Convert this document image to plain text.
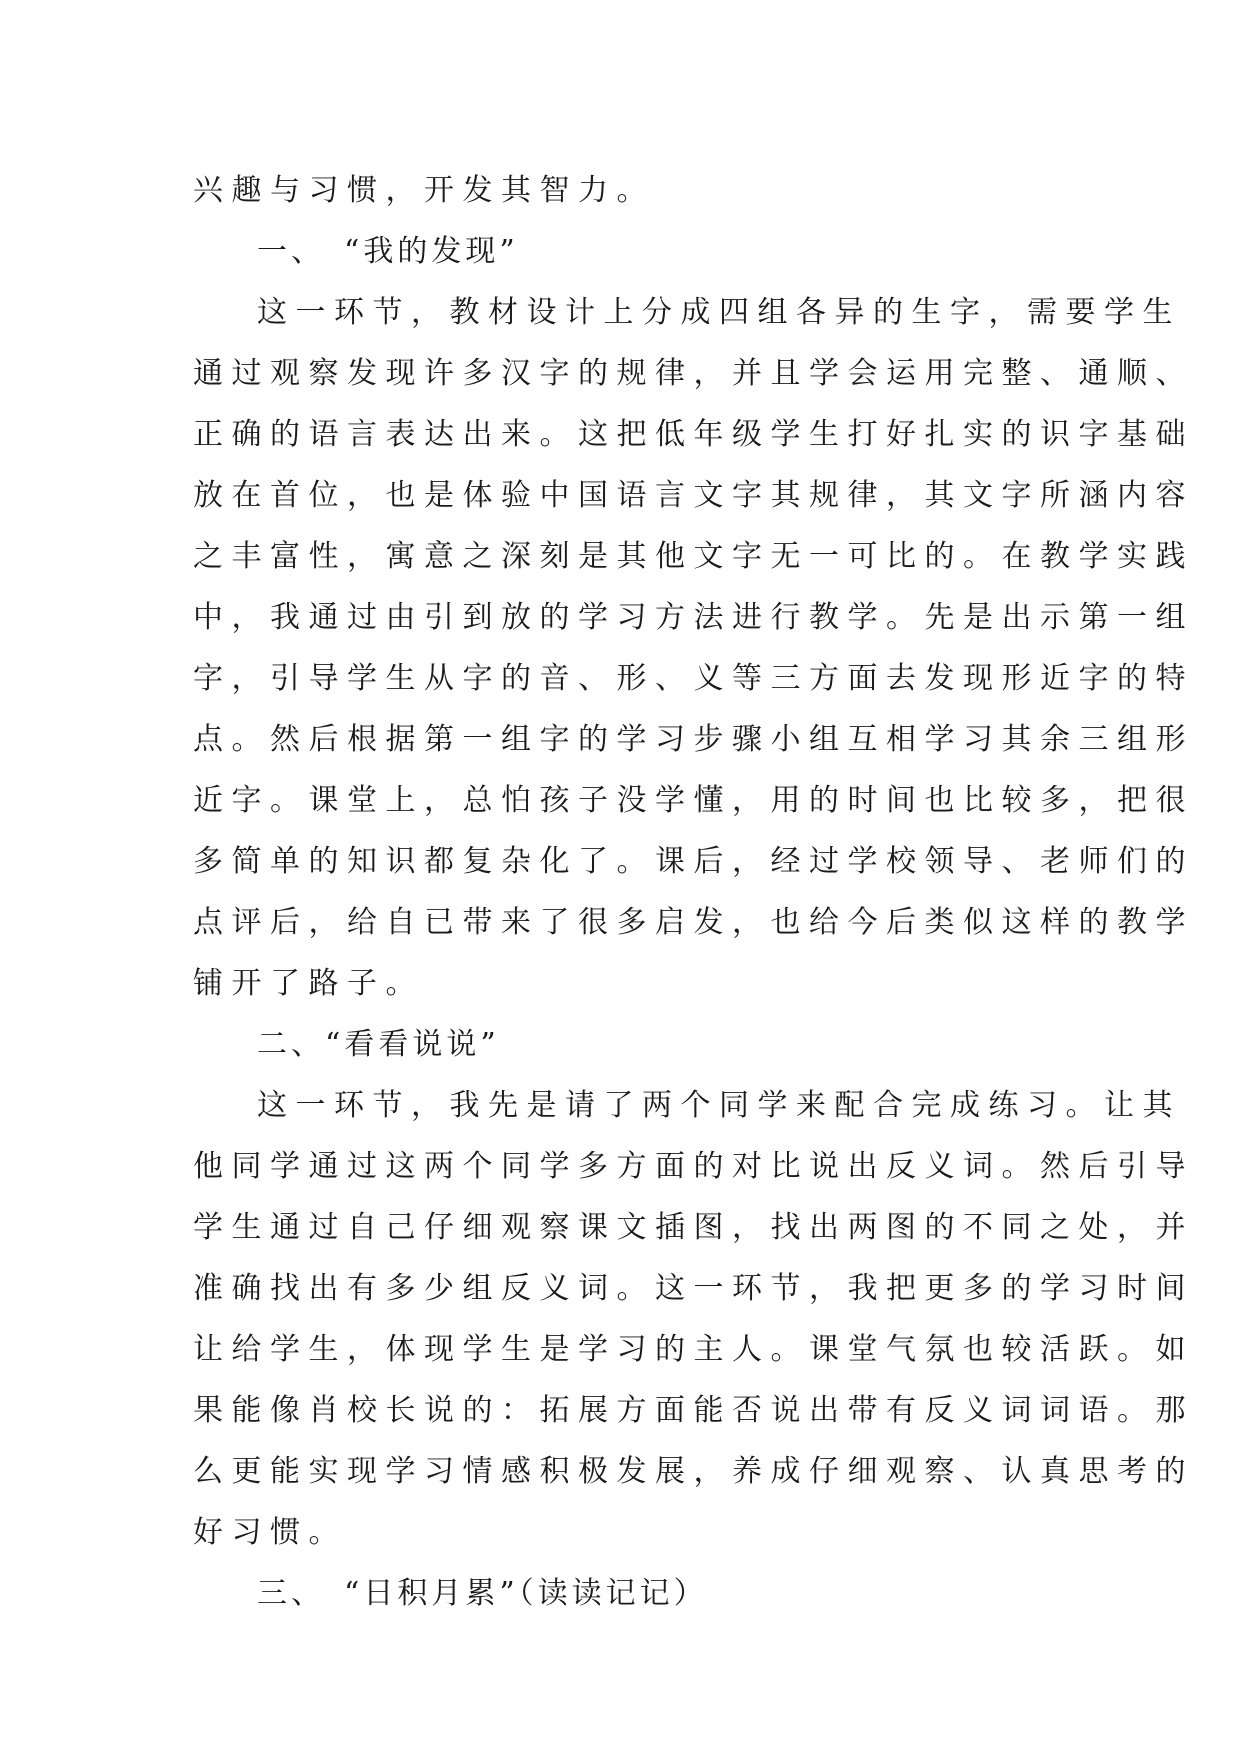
兴趣与习惯，开发其智力。
一、　“我的发现”
这一环节，教材设计上分成四组各异的生字，需要学生
通过观察发现许多汉字的规律，并且学会运用完整、通顺、
正确的语言表达出来。这把低年级学生打好扎实的识字基础
放在首位，也是体验中国语言文字其规律，其文字所涵内容
之丰富性，寓意之深刻是其他文字无一可比的。在教学实践
中，我通过由引到放的学习方法进行教学。先是出示第一组
字，引导学生从字的音、形、义等三方面去发现形近字的特
点。然后根据第一组字的学习步骤小组互相学习其余三组形
近字。课堂上，总怕孩子没学懂，用的时间也比较多，把很
多简单的知识都复杂化了。课后，经过学校领导、老师们的
点评后，给自已带来了很多启发，也给今后类似这样的教学
铺开了路子。
二、“看看说说”
这一环节，我先是请了两个同学来配合完成练习。让其
他同学通过这两个同学多方面的对比说出反义词。然后引导
学生通过自己仔细观察课文插图，找出两图的不同之处，并
准确找出有多少组反义词。这一环节，我把更多的学习时间
让给学生，体现学生是学习的主人。课堂气氛也较活跃。如
果能像肖校长说的：拓展方面能否说出带有反义词词语。那
么更能实现学习情感积极发展，养成仔细观察、认真思考的
好习惯。
三、　“日积月累”（读读记记）
